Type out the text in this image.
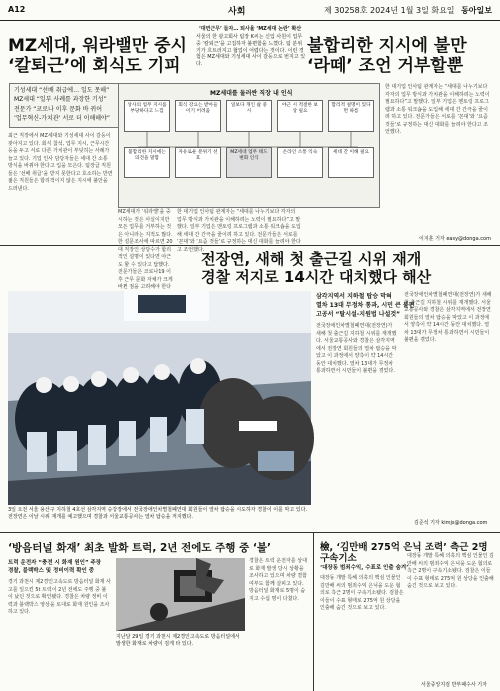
A12	사회	제 30258호 2024년 1월 3일 화요일 동아일보
‘대면근무’ 들자… 퇴사율 ‘MZ세대 논란’ 확산
MZ세대, 워라밸만 중시
‘칼퇴근’에 회식도 기피
불합리한 지시에 불만
‘라떼’ 조언 거부할뿐
서울의 한 광고회사 팀장 K씨는 신입 사원이 업무 중 ‘칼퇴근’을 고집하자 불편함을 느꼈다. 팀 분위기가 흐트러지고 협업이 어렵다는 것이다. 이런 경험은 MZ세대와 기성세대 사이 갈등으로 번지고 있다.
기성세대 “선배 취급에… 일도 못해”
MZ세대 “일부 사례를 과장한 기성”
전문가 “코로나 이후 문화 바 뀌어
‘업무혁신-가치관’ 서로 더 이해해야”
최근 직장에서 MZ세대와 기성세대 사이 갈등이 잦아지고 있다. 회식 참석, 업무 지시, 근무시간 등을 두고 서로 다른 가치관이 부딪히는 사례가 늘고 있다. 기업 인사 담당자들은 세대 간 소통 방식을 바꿔야 한다고 입을 모은다. 팀장급 직원들은 ‘선배 취급’을 받지 못한다고 호소하는 반면 젊은 직원들은 합리적이지 않은 지시에 불만을 드러낸다.
MZ세대를 둘러싼 직장 내 인식
상사의 업무 지시를 부당하다고 느낌
회식 강요는 받아들이기 어려움
일보다 개인 삶 중시
야근 시 적절한 보상 필요
합리적 설명이 있다면 따름
불합리한 지시에는 의견을 말함
자유로운 분위기 선호
MZ세대 업무 태도 변화 인식
온라인 소통 익숙	세대 간 이해 필요
MZ세대가 ‘워라밸’을 중시하는 것은 사실이지만 모든 업무를 거부하는 것은 아니라는 지적도 많다. 한 설문조사에 따르면 20대 직장인 상당수가 합리적인 설명이 있다면 야근도 할 수 있다고 답했다. 전문가들은 코로나19 이후 근무 문화 자체가 크게 바뀐 점을 고려해야 한다
한 대기업 인사팀 관계자는 “세대를 나누기보다 각자의 업무 방식과 가치관을 이해하려는 노력이 필요하다”고 말했다. 일부 기업은 멘토링 프로그램과 소통 워크숍을 도입해 세대 간 간극을 줄이려 하고 있다. 전문가들은 서로를 ‘꼰대’와 ‘요즘 것들’로 규정하는 대신 대화를 늘려야 한다고 조언했다.
한 대기업 인사팀 관계자는 “세대를 나누기보다 각자의 업무 방식과 가치관을 이해하려는 노력이 필요하다”고 말했다. 일부 기업은 멘토링 프로그램과 소통 워크숍을 도입해 세대 간 간극을 줄이려 하고 있다. 전문가들은 서로를 ‘꼰대’와 ‘요즘 것들’로 규정하는 대신 대화를 늘려야 한다고 조언했다.
이지훈 기자 easy@donga.com
전장연, 새해 첫 출근길 시위 재개
경찰 저지로 14시간 대치했다 해산
3일 오전 서울 용산구 지하철 4호선 삼각지역 승강장에서 전국장애인차별철폐연대 회원들이 열차 탑승을 시도하자 경찰이 이를 막고 있다. 전장연은 이날 시위 재개를 예고했으며 경찰과 서울교통공사는 열차 탑승을 저지했다.
삼각지역서 지하철 탑승 막혀
열차 13대 무정차 통과, 시민 큰 불편
고공서 “탈시설-지원법 나설것”
전국장애인차별철폐연대(전장연)가 새해 첫 출근길 지하철 시위를 재개했다. 서울교통공사와 경찰은 삼각지역에서 전장연 회원들의 열차 탑승을 막았고 이 과정에서 양측이 약 14시간 동안 대치했다. 열차 13대가 무정차 통과하면서 시민들이 불편을 겪었다.
전국장애인차별철폐연대(전장연)가 새해 첫 출근길 지하철 시위를 재개했다. 서울교통공사와 경찰은 삼각지역에서 전장연 회원들의 열차 탑승을 막았고 이 과정에서 양측이 약 14시간 동안 대치했다. 열차 13대가 무정차 통과하면서 시민들이 불편을 겪었다.
김준석 기자 kimjs@donga.com
‘방음터널 화재’ 최초 발화 트럭, 2년 전에도 주행 중 ‘불’
트럭 운전자 “충전 시 화재 원인” 주장
경찰, 블랙박스 및 정비이력 확인 중
경기 과천시 제2경인고속도로 방음터널 화재 사고를 일으킨 5t 트럭이 2년 전에도 주행 중 불이 났던 것으로 확인됐다. 경찰은 차량 정비 이력과 블랙박스 영상을 토대로 화재 원인을 조사하고 있다.
지난달 29일 경기 과천시 제2경인고속도로 방음터널에서 발생한 화재로 차량이 검게 타 있다.
경찰은 트럭 운전자를 상대로 화재 발생 당시 상황을 조사하고 있으며 차량 결함 여부도 함께 살피고 있다. 방음터널 화재로 5명이 숨지고 수십 명이 다쳤다.
檢, ‘김만배 275억 은닉 조력’ 측근 2명 구속기소
‘대장동 범죄수익, 수표로 인출 숨겨’
대장동 개발 특혜 의혹의 핵심 인물인 김만배 씨의 범죄수익 은닉을 도운 혐의로 측근 2명이 구속기소됐다. 검찰은 이들이 수표 형태로 275억 원 상당을 인출해 숨긴 것으로 보고 있다.
대장동 개발 특혜 의혹의 핵심 인물인 김만배 씨의 범죄수익 은닉을 도운 혐의로 측근 2명이 구속기소됐다. 검찰은 이들이 수표 형태로 275억 원 상당을 인출해 숨긴 것으로 보고 있다.
서울중앙지검 반부패수사 기자
